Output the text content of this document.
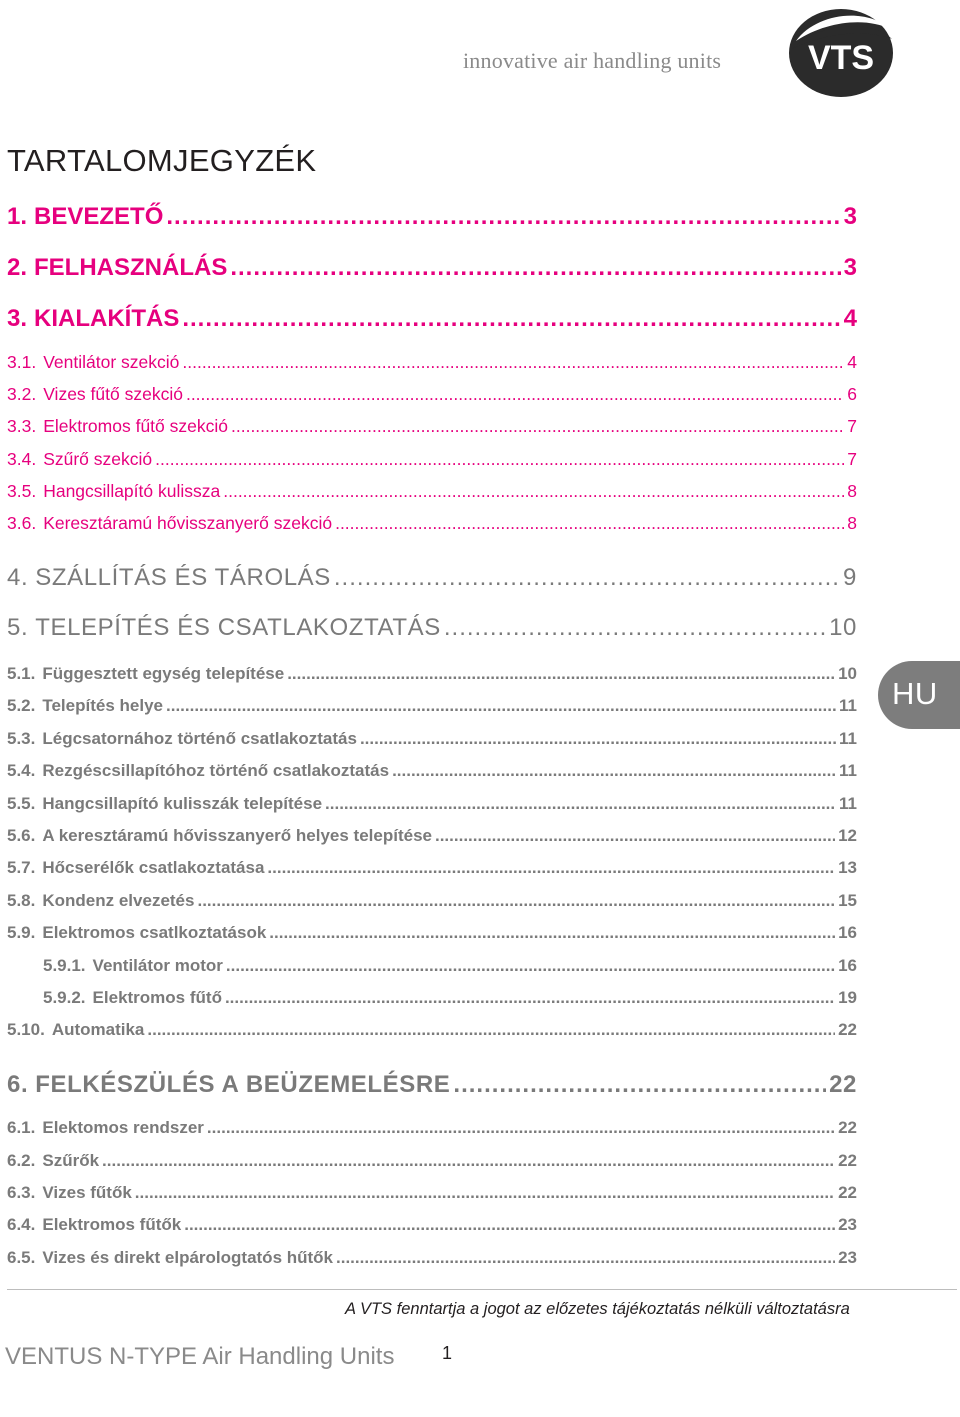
innovative air handling units	VTS
TARTALOMJEGYZÉK
1. BEVEZETŐ .....	3
2. FELHASZNÁLÁS .....	3
3. KIALAKÍTÁS .....	4
3.1. Ventilátor szekció .....	4
3.2. Vizes fűtő szekció .....	6
3.3. Elektromos fűtő szekció .....	7
3.4. Szűrő szekció .....	7
3.5. Hangcsillapító kulissza .....	8
3.6. Keresztáramú hővisszanyerő szekció .....	8
4. SZÁLLÍTÁS ÉS TÁROLÁS .....	9
5. TELEPÍTÉS ÉS CSATLAKOZTATÁS .....	10
5.1. Függesztett egység telepítése .....	10
5.2. Telepítés helye .....	11
5.3. Légcsatornához történő csatlakoztatás .....	11
5.4. Rezgéscsillapítóhoz történő csatlakoztatás .....	11
5.5. Hangcsillapító kulisszák telepítése .....	11
5.6. A keresztáramú hővisszanyerő helyes telepítése .....	12
5.7. Hőcserélők csatlakoztatása .....	13
5.8. Kondenz elvezetés .....	15
5.9. Elektromos csatlkoztatások .....	16
5.9.1. Ventilátor motor .....	16
5.9.2. Elektromos fűtő .....	19
5.10. Automatika .....	22
6. FELKÉSZÜLÉS A BEÜZEMELÉSRE .....	22
6.1. Elektomos rendszer .....	22
6.2. Szűrők .....	22
6.3. Vizes fűtők .....	22
6.4. Elektromos fűtők .....	23
6.5. Vizes és direkt elpárologtatós hűtők .....	23
HU
A VTS fenntartja a jogot az előzetes tájékoztatás nélküli változtatásra
VENTUS N-TYPE Air Handling Units	1
